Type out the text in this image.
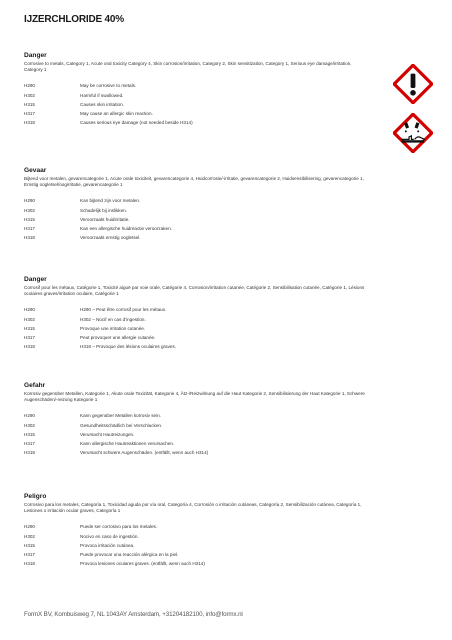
IJZERCHLORIDE 40%

Danger
Corrosive to metals, Category 1, Acute oral toxicity Category 4, Skin corrosion/irritation, Category 2, Skin sensitization, Category 1, Serious eye damage/irritation, Category 1
H290	May be corrosive to metals.
H302	Harmful if swallowed.
H315	Causes skin irritation.
H317	May cause an allergic skin reaction.
H318	Causes serious eye damage (not needed beside H314)
Gevaar
Bijtend voor metalen, gevarencategorie 1, Acute orale toxiciteit, gevarencategorie 4, Huidcorrosie/-irritatie, gevarencategorie 2, Huidsensibilisering, gevarencategorie 1, Ernstig oogletsel/oogirritatie, gevarencategorie 1
H290	Kan bijtend zijn voor metalen.
H302	Schadelijk bij inslikken.
H315	Veroorzaakt huidirritatie.
H317	Kan een allergische huidreactie veroorzaken.
H318	Veroorzaakt ernstig oogletsel.
Danger
Corrosif pour les métaux, Catégorie 1, Toxicité aiguë par voie orale, Catégorie 4, Corrosion/irritation cutanée, Catégorie 2, Sensibilisation cutanée, Catégorie 1, Lésions oculaires graves/irritation oculaire, Catégorie 1
H290	H290 – Peut être corrosif pour les métaux.
H302	H302 – Nocif en cas d'ingestion.
H315	Provoque une irritation cutanée.
H317	Peut provoquer une allergie cutanée.
H318	H318 – Provoque des lésions oculaires graves.
Gefahr
Korrosiv gegenüber Metallen, Kategorie 1, Akute orale Toxizität, Kategorie 4, Ätz-/Reizwirkung auf die Haut Kategorie 2, Sensibilisierung der Haut Kategorie 1, Schwere Augenschäden/-reizung Kategorie 1
H290	Kann gegenüber Metallen korrosiv sein.
H302	Gesundheitsschädlich bei Verschlucken.
H315	Verursacht Hautreizungen.
H317	Kann allergische Hautreaktionen verursachen.
H318	Verursacht schwere Augenschäden. (entfällt, wenn auch H314)
Peligro
Corrosivo para los metales, Categoría 1, Toxicidad aguda por vía oral, Categoría 4, Corrosión o irritación cutáneas, Categoría 2, Sensibilización cutánea, Categoría 1, Lesiones o irritación ocular graves, Categoría 1
H290	Puede ser corrosivo para los metales.
H302	Nocivo en caso de ingestión.
H315	Provoca irritación cutánea.
H317	Puede provocar una reacción alérgica en la piel.
H318	Provoca lesiones oculares graves. (entfällt, wenn auch H314)
FormX BV, Kombuisweg 7, NL 1043AY Amsterdam, +31204182100, info@formx.nl
